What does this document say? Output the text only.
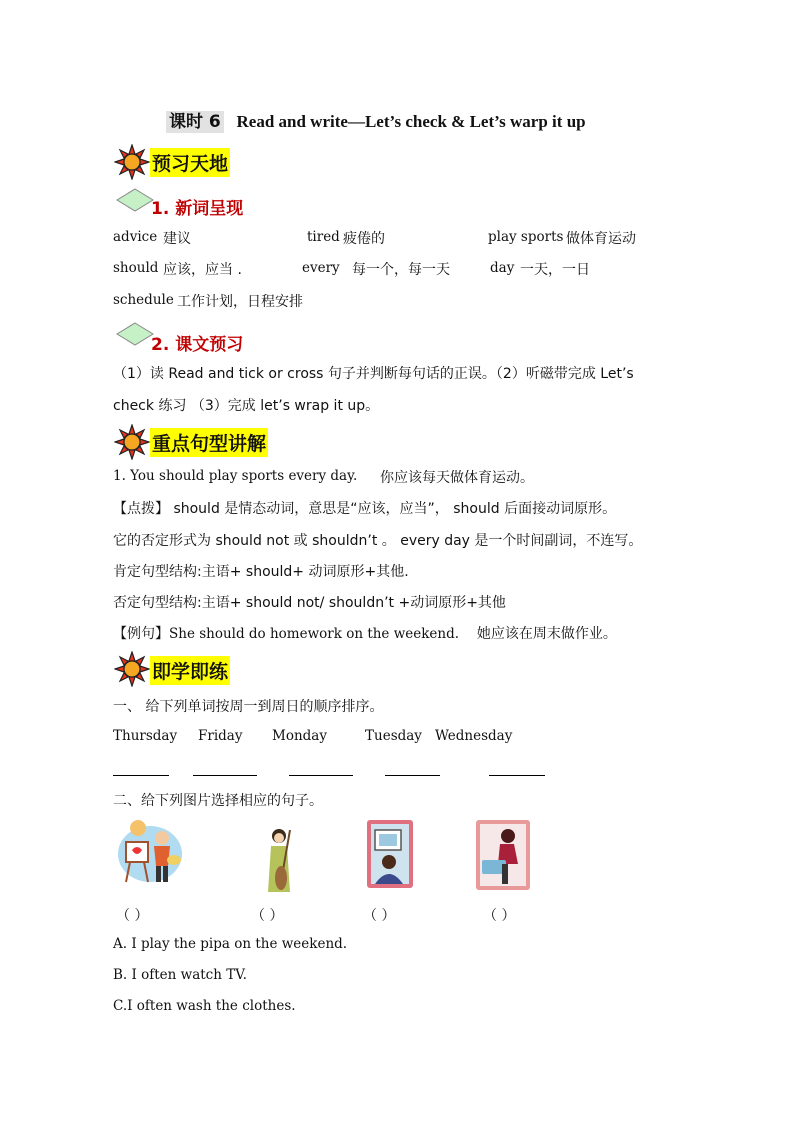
课时 6 Read and write—Let’s check & Let’s warp it up
预习天地
1. 新词呈现
advice 建议	tired 疲倦的	play sports 做体育运动
should 应该，应当 .	every 每一个，每一天	day 一天，一日
schedule 工作计划，日程安排
2. 课文预习
（1）读 Read and tick or cross 句子并判断每句话的正误。（2）听磁带完成 Let’s
check 练习 （3）完成 let’s wrap it up。
重点句型讲解
1. You should play sports every day. 你应该每天做体育运动。
【点拨】 should 是情态动词，意思是“应该，应当”， should 后面接动词原形。
它的否定形式为 should not 或 shouldn’t 。 every day 是一个时间副词，不连写。
肯定句型结构:主语+ should+ 动词原形+其他.
否定句型结构:主语+ should not/ shouldn’t +动词原形+其他
【例句】She should do homework on the weekend. 她应该在周末做作业。
即学即练
一、 给下列单词按周一到周日的顺序排序。
Thursday Friday Monday	Tuesday Wednesday
二、给下列图片选择相应的句子。
（ ）	（ ）	（ ）	（ ）
A. I play the pipa on the weekend.
B. I often watch TV.
C.I often wash the clothes.
